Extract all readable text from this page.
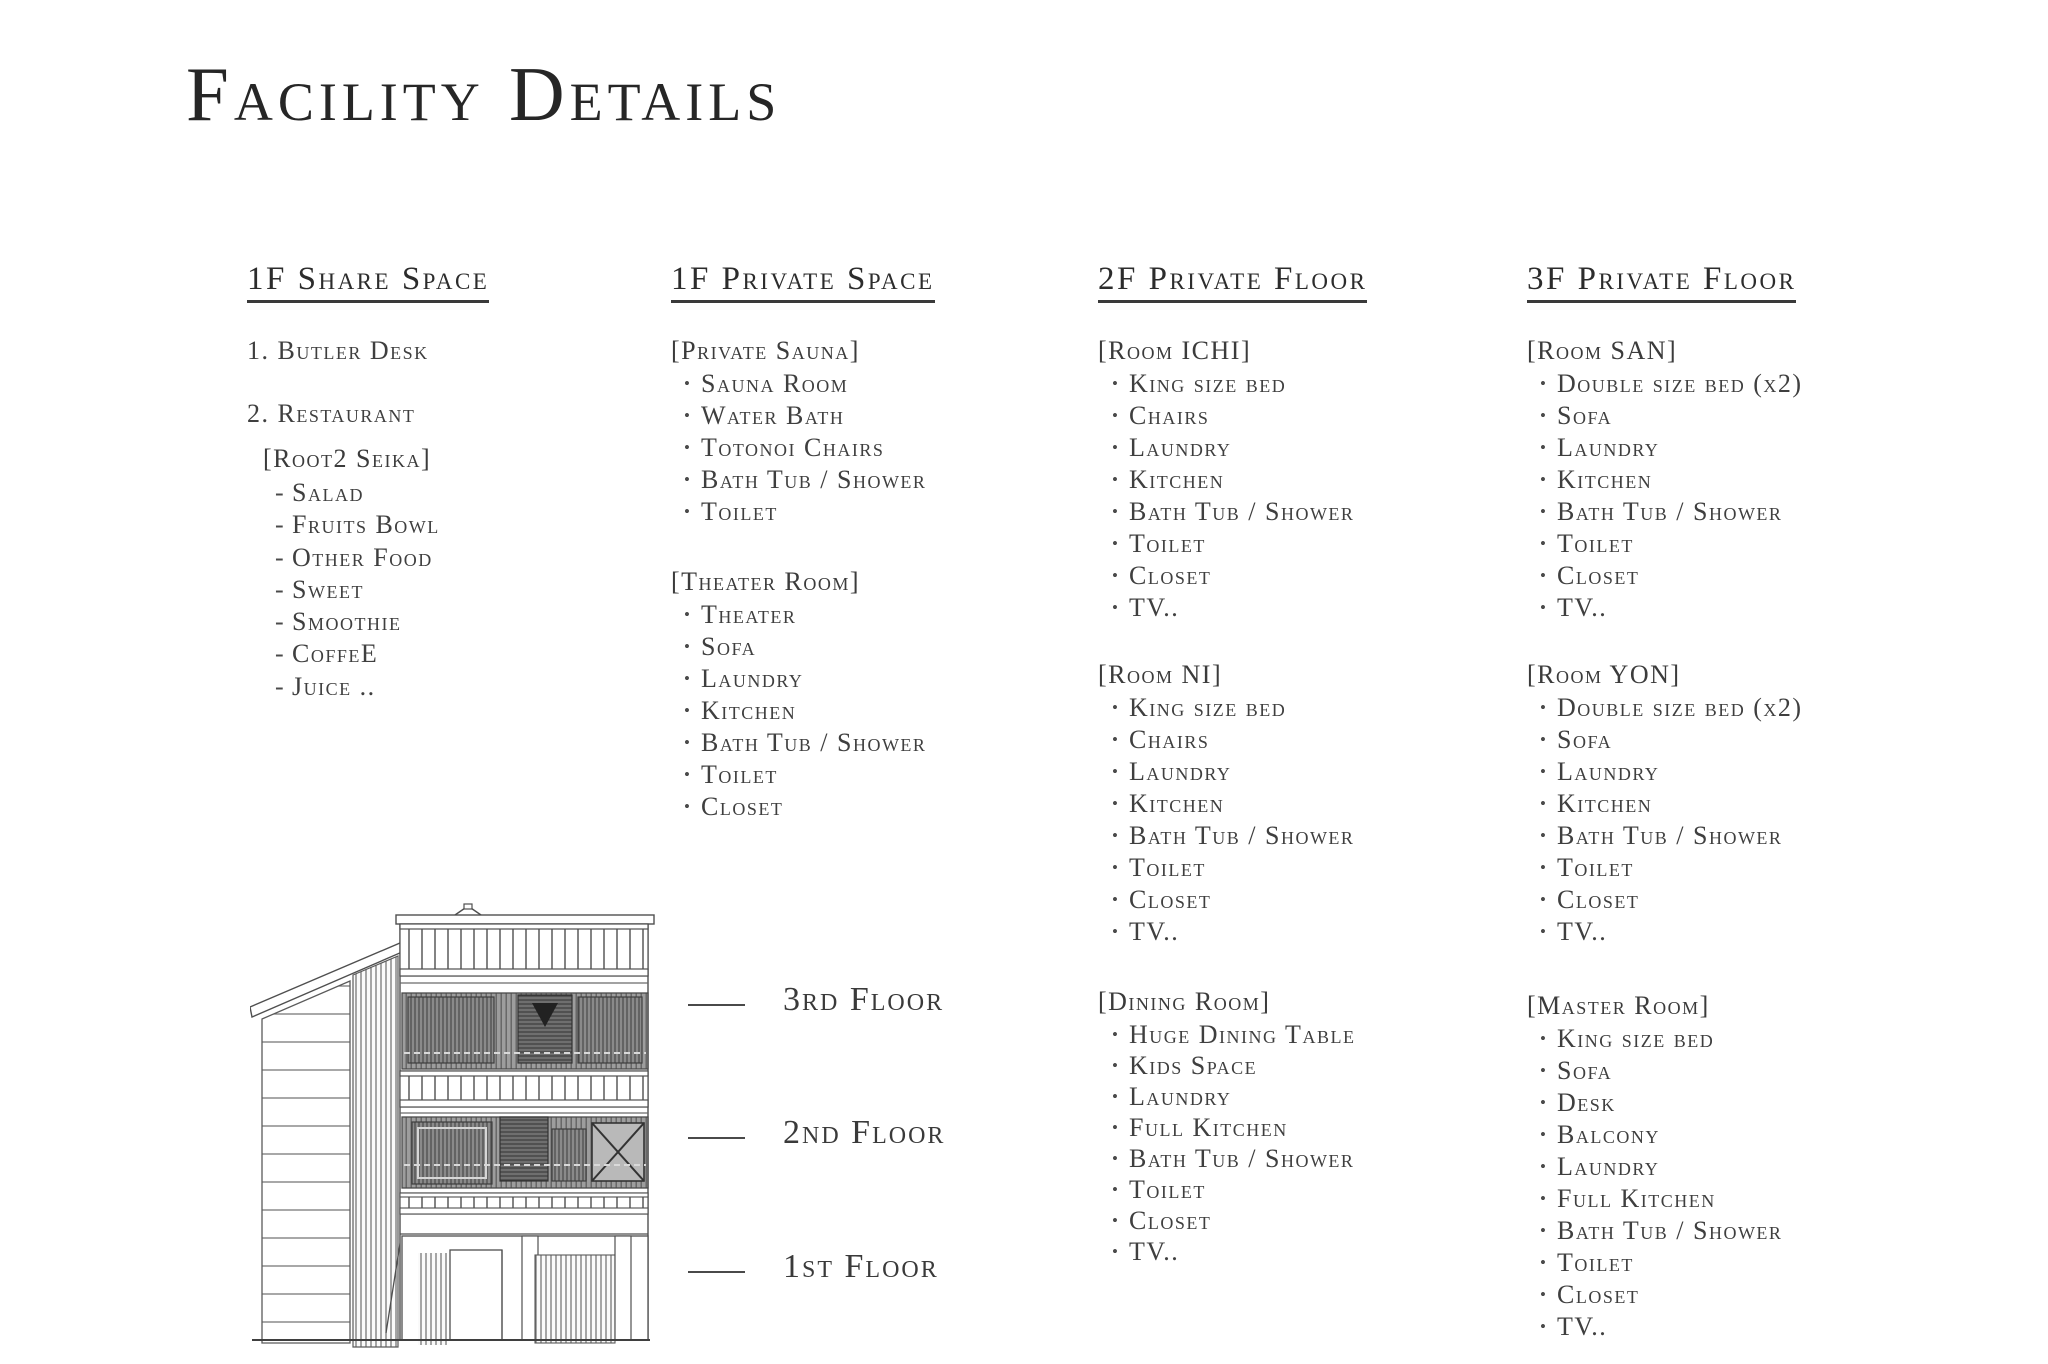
Facility Details
1F Share Space
1. Butler Desk
2. Restaurant
[Root2 Seika]
- Salad
- Fruits Bowl
- Other Food
- Sweet
- Smoothie
- CoffeE
- Juice ..
1F Private Space
[Private Sauna]
• Sauna Room
• Water Bath
• Totonoi Chairs
• Bath Tub / Shower
• Toilet
[Theater Room]
• Theater
• Sofa
• Laundry
• Kitchen
• Bath Tub / Shower
• Toilet
• Closet
2F Private Floor
[Room ICHI]
• King size bed
• Chairs
• Laundry
• Kitchen
• Bath Tub / Shower
• Toilet
• Closet
• TV..
[Room NI]
• King size bed
• Chairs
• Laundry
• Kitchen
• Bath Tub / Shower
• Toilet
• Closet
• TV..
[Dining Room]
• Huge Dining Table
• Kids Space
• Laundry
• Full Kitchen
• Bath Tub / Shower
• Toilet
• Closet
• TV..
3F Private Floor
[Room SAN]
• Double size bed (x2)
• Sofa
• Laundry
• Kitchen
• Bath Tub / Shower
• Toilet
• Closet
• TV..
[Room YON]
• Double size bed (x2)
• Sofa
• Laundry
• Kitchen
• Bath Tub / Shower
• Toilet
• Closet
• TV..
[Master Room]
• King size bed
• Sofa
• Desk
• Balcony
• Laundry
• Full Kitchen
• Bath Tub / Shower
• Toilet
• Closet
• TV..
3rd Floor
2nd Floor
1st Floor
